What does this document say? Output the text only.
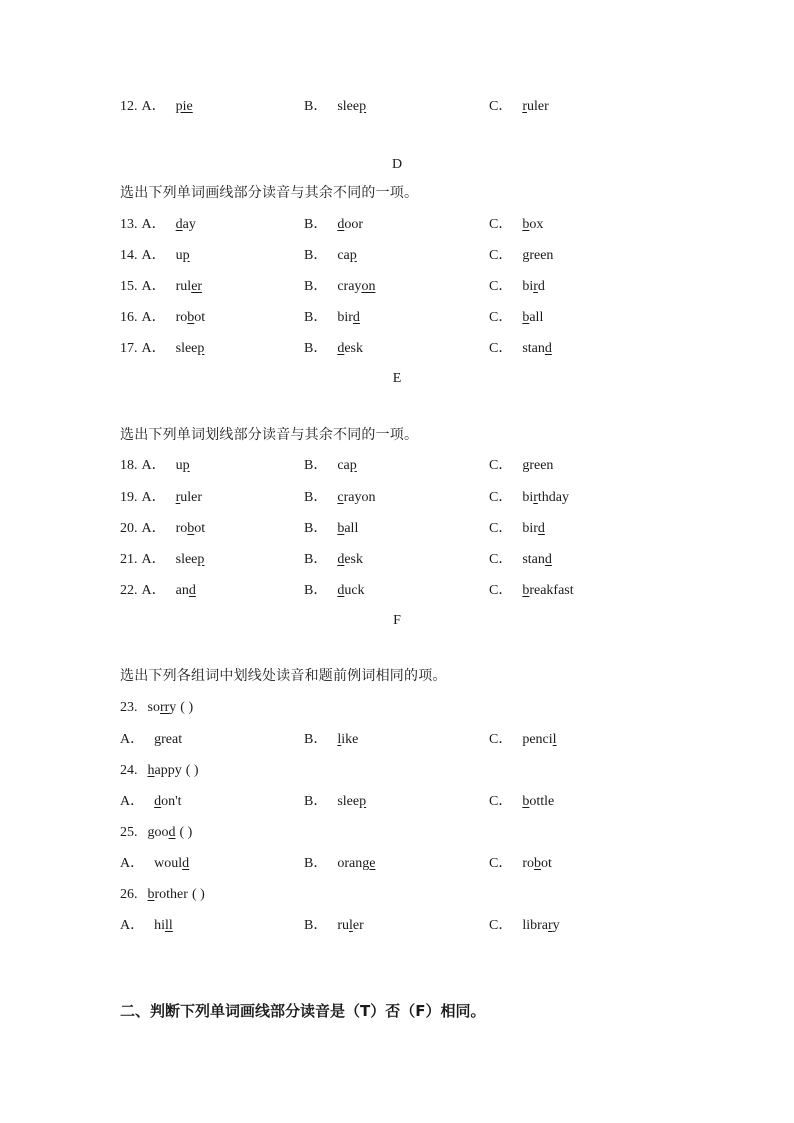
12. A． pie	B． sleep	C． ruler
D
选出下列单词画线部分读音与其余不同的一项。
13. A． day	B． door	C． box
14. A． up	B． cap	C． green
15. A． ruler	B． crayon	C． bird
16. A． robot	B． bird	C． ball
17. A． sleep	B． desk	C． stand
E
选出下列单词划线部分读音与其余不同的一项。
18. A． up	B． cap	C． green
19. A． ruler	B． crayon	C． birthday
20. A． robot	B． ball	C． bird
21. A． sleep	B． desk	C． stand
22. A． and	B． duck	C． breakfast
F
选出下列各组词中划线处读音和题前例词相同的项。
23. sorry ( )
A． great	B． like	C． pencil
24. happy ( )
A． don't	B． sleep	C． bottle
25. good ( )
A． would	B． orange	C． robot
26. brother ( )
A． hill	B． ruler	C． library
二、判断下列单词画线部分读音是（T）否（F）相同。
